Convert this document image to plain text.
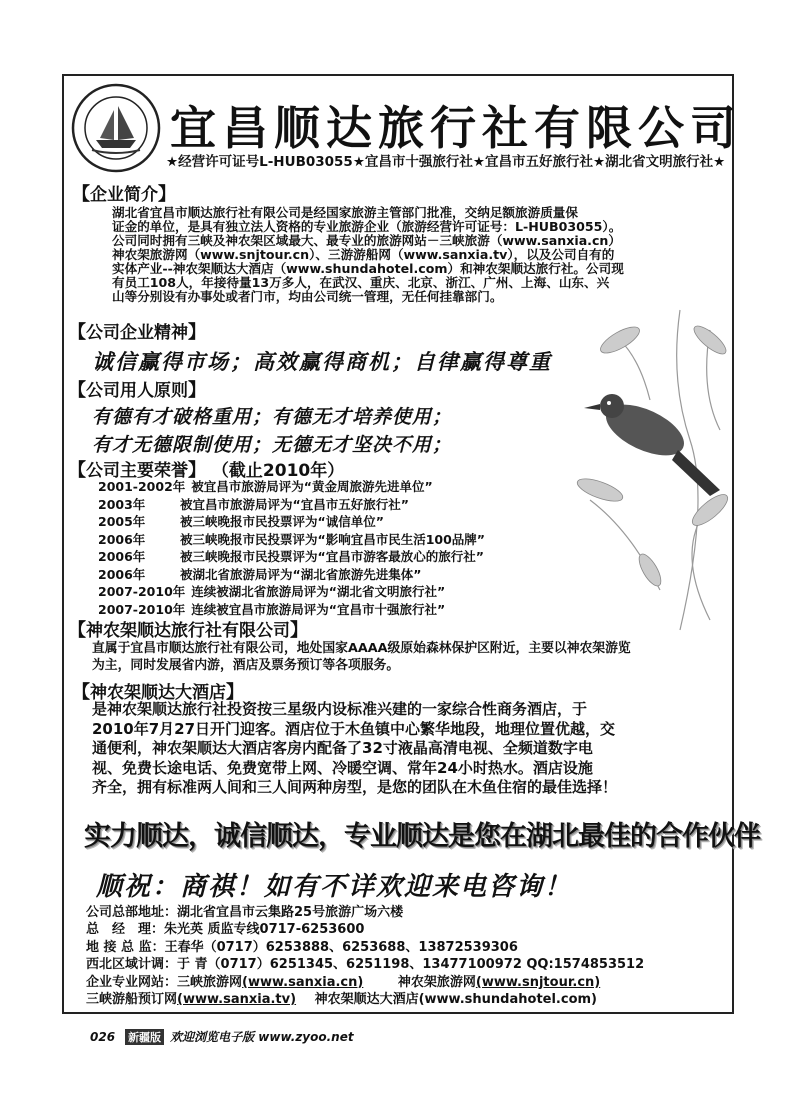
宜昌顺达旅行社有限公司
★经营许可证号L-HUB03055★宜昌市十强旅行社★宜昌市五好旅行社★湖北省文明旅行社★
【企业简介】
湖北省宜昌市顺达旅行社有限公司是经国家旅游主管部门批准，交纳足额旅游质量保
证金的单位，是具有独立法人资格的专业旅游企业（旅游经营许可证号：L-HUB03055）。
公司同时拥有三峡及神农架区域最大、最专业的旅游网站－三峡旅游（www.sanxia.cn）
神农架旅游网（www.snjtour.cn）、三游游船网（www.sanxia.tv），以及公司自有的
实体产业--神农架顺达大酒店（www.shundahotel.com）和神农架顺达旅行社。公司现
有员工108人，年接待量13万多人，在武汉、重庆、北京、浙江、广州、上海、山东、兴
山等分别设有办事处或者门市，均由公司统一管理，无任何挂靠部门。
【公司企业精神】
诚信赢得市场；高效赢得商机；自律赢得尊重
【公司用人原则】
有德有才破格重用；有德无才培养使用；
有才无德限制使用；无德无才坚决不用；
【公司主要荣誉】 （截止2010年）
2001-2002年 被宜昌市旅游局评为“黄金周旅游先进单位”
2003年	被宜昌市旅游局评为“宜昌市五好旅行社”
2005年	被三峡晚报市民投票评为“诚信单位”
2006年	被三峡晚报市民投票评为“影响宜昌市民生活100品牌”
2006年	被三峡晚报市民投票评为“宜昌市游客最放心的旅行社”
2006年	被湖北省旅游局评为“湖北省旅游先进集体”
2007-2010年 连续被湖北省旅游局评为“湖北省文明旅行社”
2007-2010年 连续被宜昌市旅游局评为“宜昌市十强旅行社”
【神农架顺达旅行社有限公司】
直属于宜昌市顺达旅行社有限公司，地处国家AAAA级原始森林保护区附近，主要以神农架游览
为主，同时发展省内游，酒店及票务预订等各项服务。
【神农架顺达大酒店】
是神农架顺达旅行社投资按三星级内设标准兴建的一家综合性商务酒店，于
2010年7月27日开门迎客。酒店位于木鱼镇中心繁华地段，地理位置优越，交
通便利，神农架顺达大酒店客房内配备了32寸液晶高清电视、全频道数字电
视、免费长途电话、免费宽带上网、冷暖空调、常年24小时热水。酒店设施
齐全，拥有标准两人间和三人间两种房型，是您的团队在木鱼住宿的最佳选择！
实力顺达，诚信顺达，专业顺达是您在湖北最佳的合作伙伴
顺祝：商祺！如有不详欢迎来电咨询！
公司总部地址：湖北省宜昌市云集路25号旅游广场六楼
总　经　理：朱光英 质监专线0717-6253600
地 接 总 监：王春华（0717）6253888、6253688、13872539306
西北区域计调：于 青（0717）6251345、6251198、13477100972 QQ:1574853512
企业专业网站：三峡旅游网(www.sanxia.cn)	神农架旅游网(www.snjtour.cn)
三峡游船预订网(www.sanxia.tv) 神农架顺达大酒店(www.shundahotel.com)
026 新疆版 欢迎浏览电子版 www.zyoo.net
